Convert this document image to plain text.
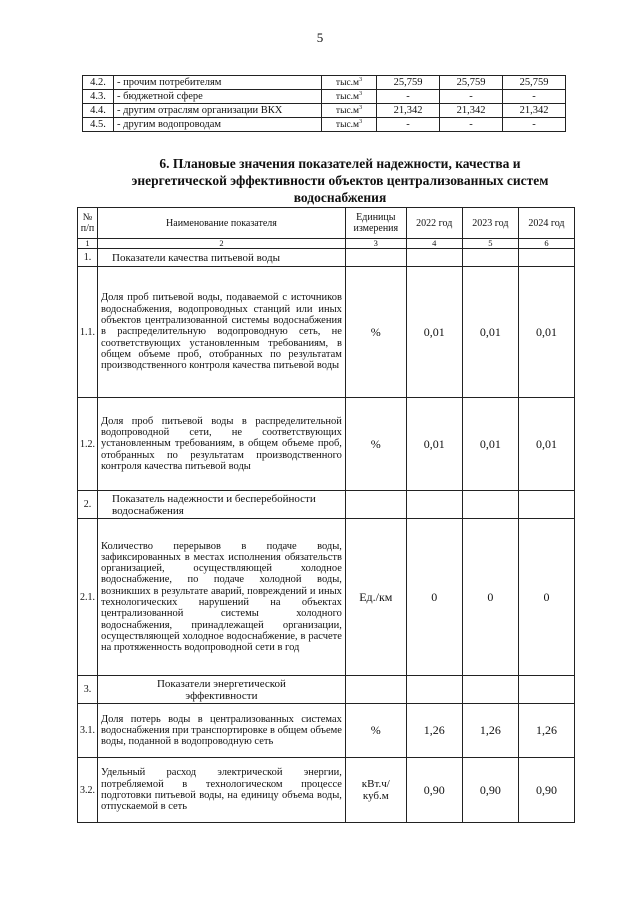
5
4.2.	- прочим потребителям	$тыс.м^3$	25,759	25,759	25,759
4.3.	- бюджетной сфере	$тыс.м^3$	-	-	-
4.4.	- другим отраслям организации ВКХ	$тыс.м^3$	21,342	21,342	21,342
4.5.	- другим водопроводам	$тыс.м^3$	-	-	-
6. Плановые значения показателей надежности, качества и энергетической эффективности объектов централизованных систем водоснабжения
№ п/п	Наименование показателя	Единицы измерения	2022 год	2023 год	2024 год
1	2	3	4	5	6
1.	Показатели качества питьевой воды				
1.1.	Доля проб питьевой воды, подаваемой с источников водоснабжения, водопроводных станций или иных объектов централизованной системы водоснабжения в распределительную водопроводную сеть, не соответствующих установленным требованиям, в общем объеме проб, отобранных по результатам производственного контроля качества питьевой воды	%	0,01	0,01	0,01
1.2.	Доля проб питьевой воды в распределительной водопроводной сети, не соответствующих установленным требованиям, в общем объеме проб, отобранных по результатам производственного контроля качества питьевой воды	%	0,01	0,01	0,01
2.	Показатель надежности и бесперебойности водоснабжения				
2.1.	Количество перерывов в подаче воды, зафиксированных в местах исполнения обязательств организацией, осуществляющей холодное водоснабжение, по подаче холодной воды, возникших в результате аварий, повреждений и иных технологических нарушений на объектах централизованной системы холодного водоснабжения, принадлежащей организации, осуществляющей холодное водоснабжение, в расчете на протяженность водопроводной сети в год	Ед./км	0	0	0
3.	Показатели энергетической эффективности				
3.1.	Доля потерь воды в централизованных системах водоснабжения при транспортировке в общем объеме воды, поданной в водопроводную сеть	%	1,26	1,26	1,26
3.2.	Удельный расход электрической энергии, потребляемой в технологическом процессе подготовки питьевой воды, на единицу объема воды, отпускаемой в сеть	кВт.ч/куб.м	0,90	0,90	0,90
